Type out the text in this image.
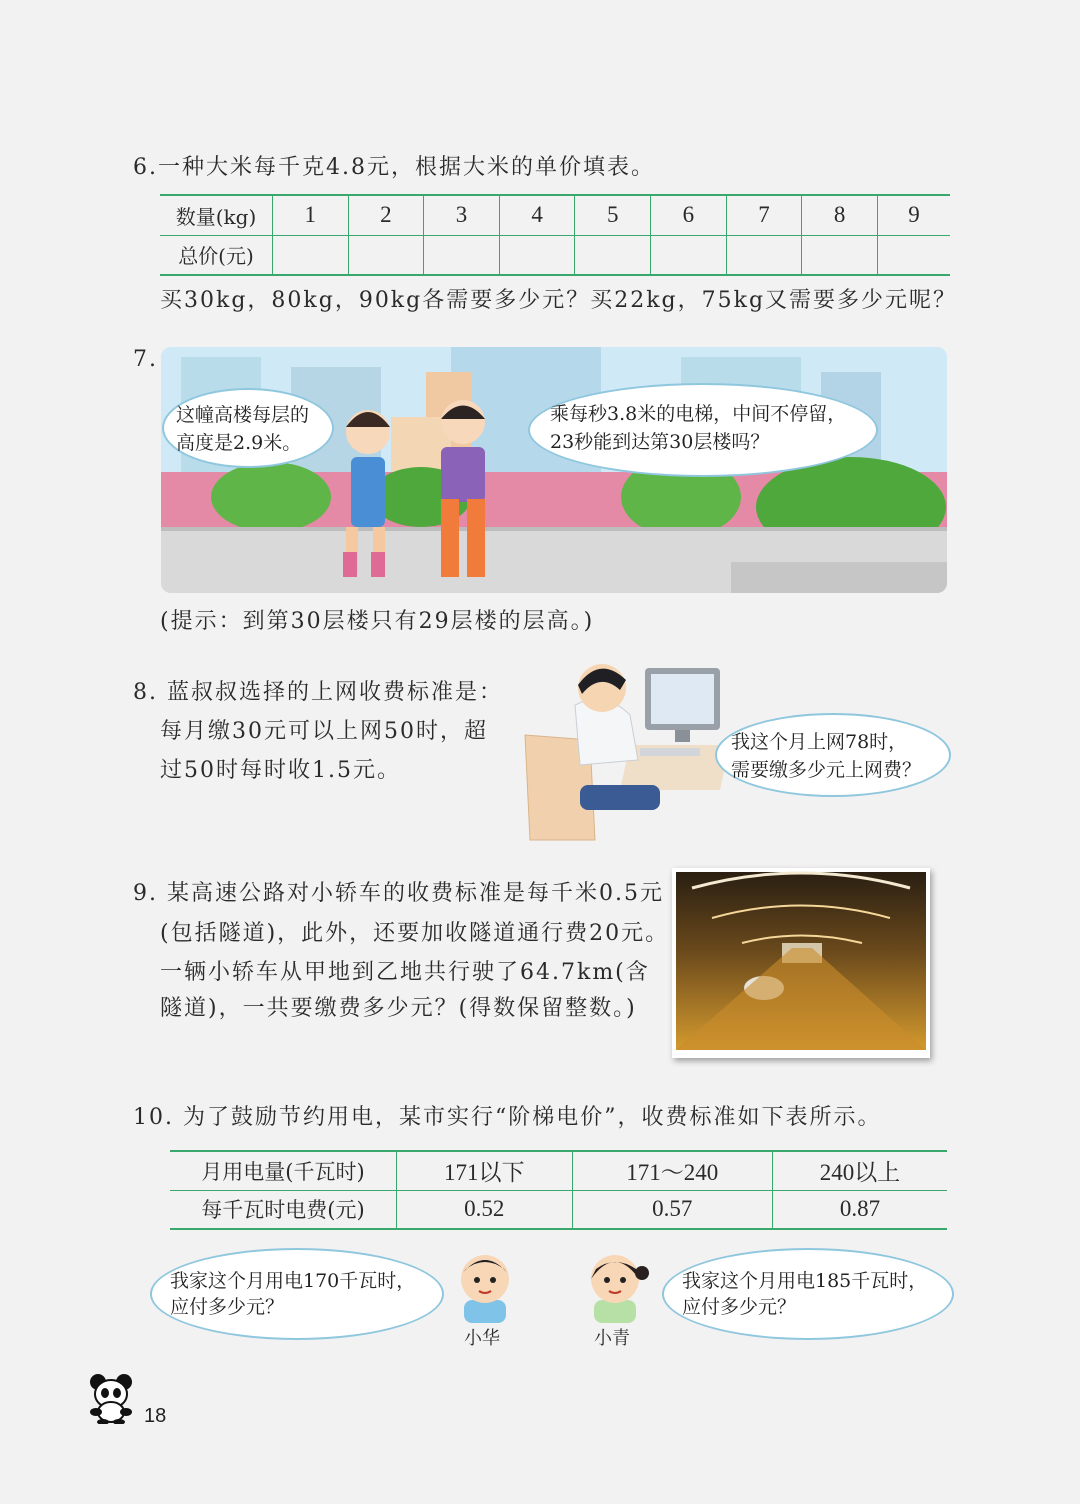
6.一种大米每千克4.8元，根据大米的单价填表。
数量(kg)	1	2	3	4	5	6	7	8	9
总价(元)									
买30kg，80kg，90kg各需要多少元？买22kg，75kg又需要多少元呢？
7.
这幢高楼每层的
高度是2.9米。
乘每秒3.8米的电梯，中间不停留，
23秒能到达第30层楼吗？
(提示：到第30层楼只有29层楼的层高。)
8. 蓝叔叔选择的上网收费标准是：
每月缴30元可以上网50时，超
过50时每时收1.5元。
我这个月上网78时，
需要缴多少元上网费？
9. 某高速公路对小轿车的收费标准是每千米0.5元
(包括隧道)，此外，还要加收隧道通行费20元。
一辆小轿车从甲地到乙地共行驶了64.7km(含
隧道)，一共要缴费多少元？(得数保留整数。)
10. 为了鼓励节约用电，某市实行“阶梯电价”，收费标准如下表所示。
月用电量(千瓦时)	171以下	171～240	240以上
每千瓦时电费(元)	0.52	0.57	0.87
我家这个月用电170千瓦时，
应付多少元？
小华	小青
我家这个月用电185千瓦时，
应付多少元？
18
